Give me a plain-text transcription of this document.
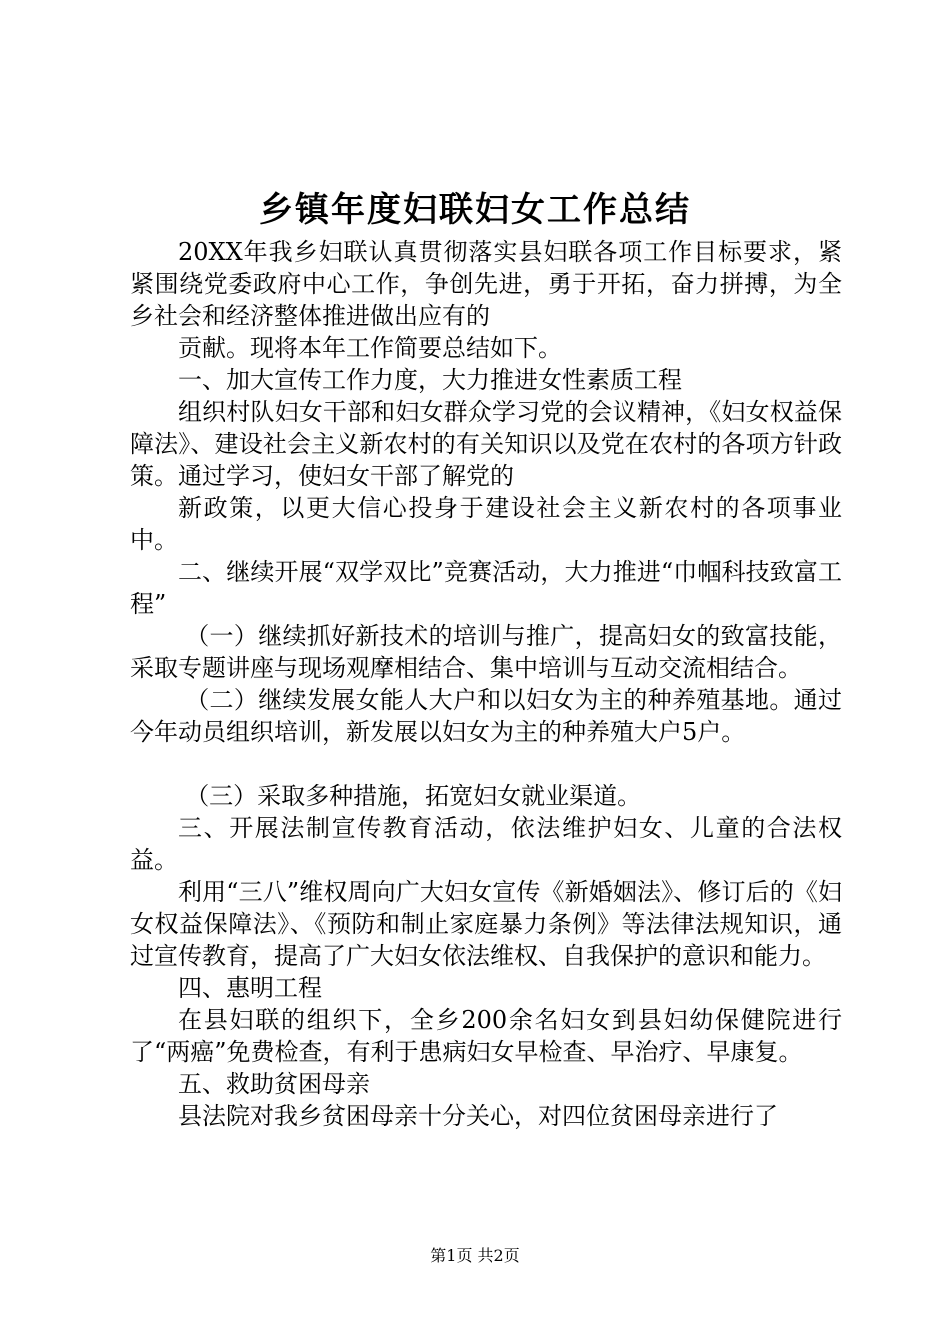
乡镇年度妇联妇女工作总结

20XX年我乡妇联认真贯彻落实县妇联各项工作目标要求，紧紧围绕党委政府中心工作，争创先进，勇于开拓，奋力拼搏，为全乡社会和经济整体推进做出应有的

贡献。现将本年工作简要总结如下。

一、加大宣传工作力度，大力推进女性素质工程

组织村队妇女干部和妇女群众学习党的会议精神，《妇女权益保障法》、建设社会主义新农村的有关知识以及党在农村的各项方针政策。通过学习，使妇女干部了解党的

新政策，以更大信心投身于建设社会主义新农村的各项事业中。

二、继续开展“双学双比”竞赛活动，大力推进“巾帼科技致富工程”

（一）继续抓好新技术的培训与推广，提高妇女的致富技能，采取专题讲座与现场观摩相结合、集中培训与互动交流相结合。

（二）继续发展女能人大户和以妇女为主的种养殖基地。通过今年动员组织培训，新发展以妇女为主的种养殖大户5户。

（三）采取多种措施，拓宽妇女就业渠道。

三、开展法制宣传教育活动，依法维护妇女、儿童的合法权益。

利用“三八”维权周向广大妇女宣传《新婚姻法》、修订后的《妇女权益保障法》、《预防和制止家庭暴力条例》等法律法规知识，通过宣传教育，提高了广大妇女依法维权、自我保护的意识和能力。

四、惠明工程

在县妇联的组织下，全乡200余名妇女到县妇幼保健院进行了“两癌”免费检查，有利于患病妇女早检查、早治疗、早康复。

五、救助贫困母亲

县法院对我乡贫困母亲十分关心，对四位贫困母亲进行了

第1页 共2页
